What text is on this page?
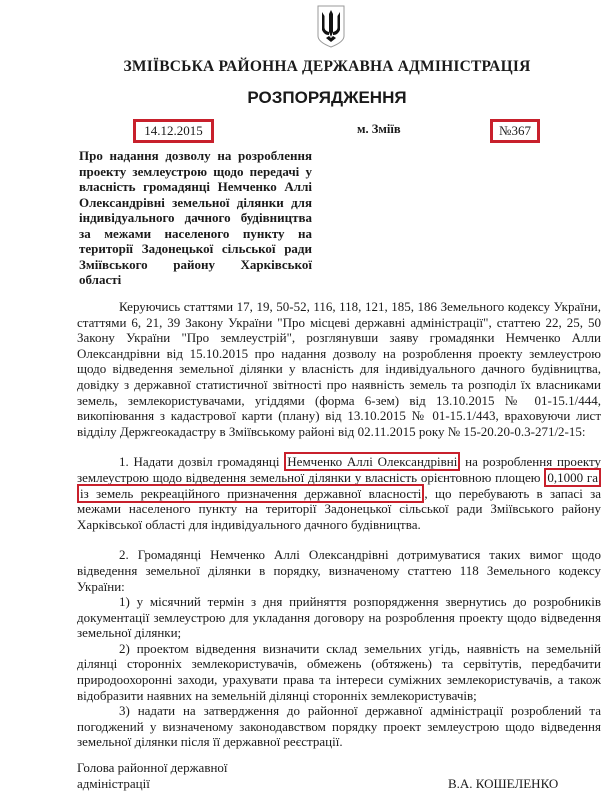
ЗМІЇВСЬКА РАЙОННА ДЕРЖАВНА АДМІНІСТРАЦІЯ
РОЗПОРЯДЖЕННЯ
14.12.2015	м. Зміїв	№367
Про надання дозволу на розроблення проекту землеустрою щодо передачі у власність громадянці Немченко Аллі Олександрівні земельної ділянки для індивідуального дачного будівництва за межами населеного пункту на території Задонецької сільської ради Зміївського району Харківської області

Керуючись статтями 17, 19, 50-52, 116, 118, 121, 185, 186 Земельного кодексу України, статтями 6, 21, 39 Закону України "Про місцеві державні адміністрації", статтею 22, 25, 50 Закону України "Про землеустрій", розглянувши заяву громадянки Немченко Алли Олександрівни від 15.10.2015 про надання дозволу на розроблення проекту землеустрою щодо відведення земельної ділянки у власність для індивідуального дачного будівництва, довідку з державної статистичної звітності про наявність земель та розподіл їх власниками земель, землекористувачами, угіддями (форма 6-зем) від 13.10.2015 № 01-15.1/444, викопіювання з кадастрової карти (плану) від 13.10.2015 № 01-15.1/443, враховуючи лист відділу Держгеокадастру в Зміївському районі від 02.11.2015 року № 15-20.20-0.3-271/2-15:

1. Надати дозвіл громадянці Немченко Аллі Олександрівні на розроблення проекту землеустрою щодо відведення земельної ділянки у власність орієнтовною площею 0,1000 га із земель рекреаційного призначення державної власності , що перебувають в запасі за межами населеного пункту на території Задонецької сільської ради Зміївського району Харківської області для індивідуального дачного будівництва.

2. Громадянці Немченко Аллі Олександрівні дотримуватися таких вимог щодо відведення земельної ділянки в порядку, визначеному статтею 118 Земельного кодексу України:

1) у місячний термін з дня прийняття розпорядження звернутись до розробників документації землеустрою для укладання договору на розроблення проекту щодо відведення земельної ділянки;

2) проектом відведення визначити склад земельних угідь, наявність на земельній ділянці сторонніх землекористувачів, обмежень (обтяжень) та сервітутів, передбачити природоохоронні заходи, урахувати права та інтереси суміжних землекористувачів, а також відобразити наявних на земельній ділянці сторонніх землекористувачів;

3) надати на затвердження до районної державної адміністрації розроблений та погоджений у визначеному законодавством порядку проект землеустрою щодо відведення земельної ділянки після її державної реєстрації.

Голова районної державної
адміністрації	В.А. КОШЕЛЕНКО
